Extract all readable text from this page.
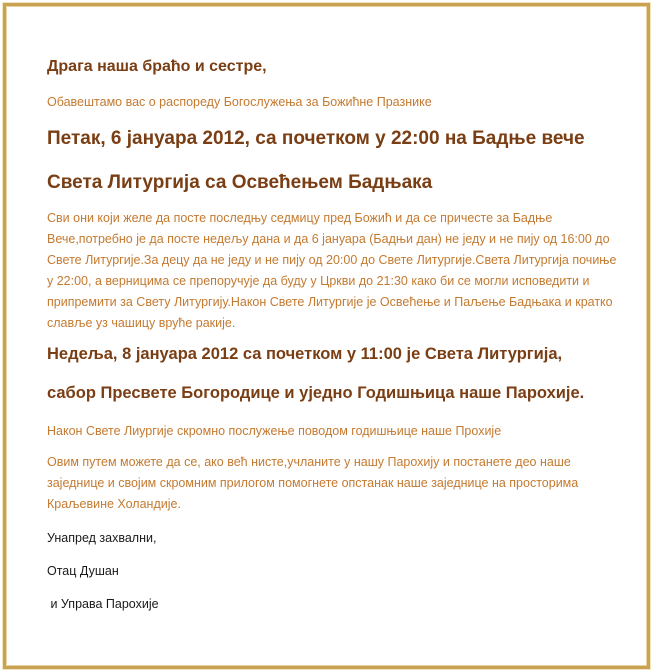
Драга наша браћо и сестре,
Обавештамо вас о распореду Богослужења за Божићне Празнике
Петак, 6 јануара 2012, са почетком у 22:00 на Бадње вече
Света Литургија са Освећењем Бадњака
Сви они који желе да посте последњу седмицу пред Божић и да се причесте за Бадње Вече,потребно је да посте недељу дана и да 6 јануара (Бадњи дан) не једу и не пију од 16:00 до Свете Литургије.За децу да не једу и не пију од 20:00 до Свете Литургије.Света Литургија почиње у 22:00, а верницима се препоручује да буду у Цркви до 21:30 како би се могли исповедити и припремити за Свету Литургију.Након Свете Литургије је Освећење и Паљење Бадњака и кратко славље уз чашицу врућe ракије.
Недеља, 8 јануара 2012 са почетком у 11:00 је Света Литургија,
сабор Пресвете Богородице и уједно Годишњица наше Парохије.
Након Свете Лиургије скромно послужење поводом годишњице наше Прохије
Овим путем можете да се, ако већ нисте,учланите у нашу Парохију и постанете део наше заједнице и својим скромним прилогом помогнете опстанак наше заједнице на просторима Краљевине Холандије.
Унапред захвални,
Отац Душан
и Управа Парохије
